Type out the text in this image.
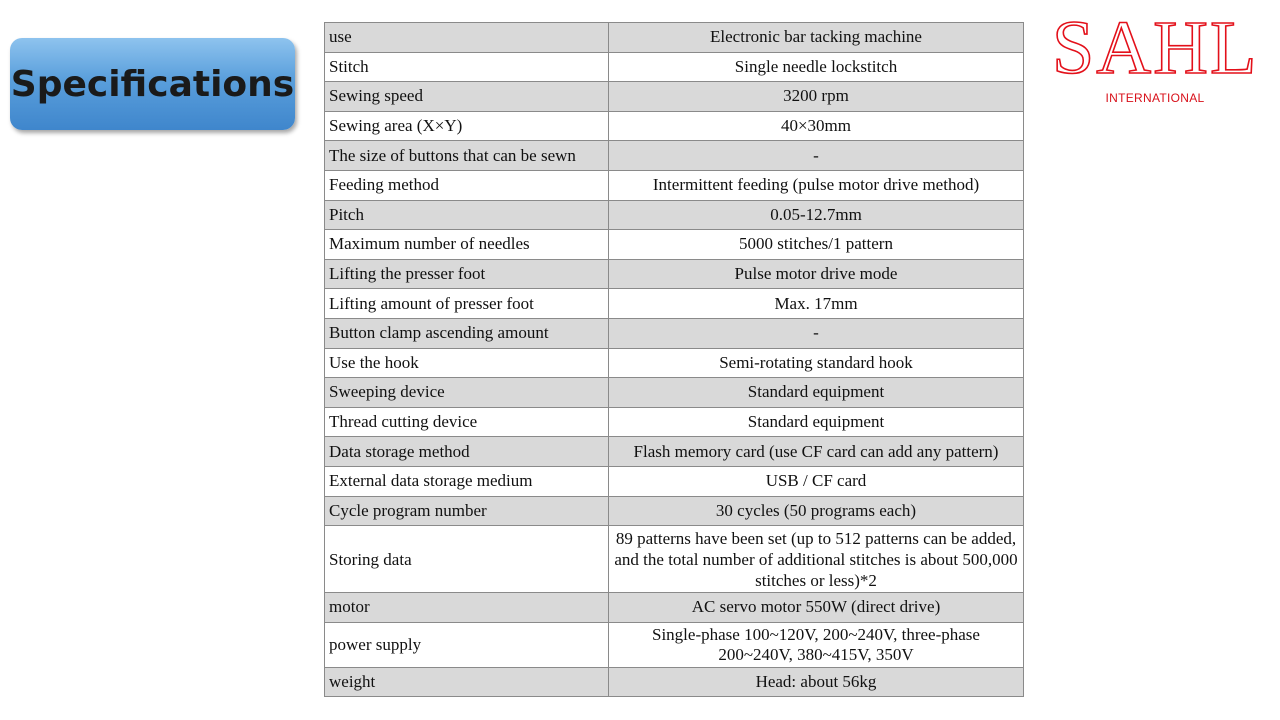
Specifications
use	Electronic bar tacking machine
Stitch	Single needle lockstitch
Sewing speed	3200 rpm
Sewing area (X×Y)	40×30mm
The size of buttons that can be sewn	-
Feeding method	Intermittent feeding (pulse motor drive method)
Pitch	0.05-12.7mm
Maximum number of needles	5000 stitches/1 pattern
Lifting the presser foot	Pulse motor drive mode
Lifting amount of presser foot	Max. 17mm
Button clamp ascending amount	-
Use the hook	Semi-rotating standard hook
Sweeping device	Standard equipment
Thread cutting device	Standard equipment
Data storage method	Flash memory card (use CF card can add any pattern)
External data storage medium	USB / CF card
Cycle program number	30 cycles (50 programs each)
Storing data	89 patterns have been set (up to 512 patterns can be added, and the total number of additional stitches is about 500,000 stitches or less)*2
motor	AC servo motor 550W (direct drive)
power supply	Single-phase 100~120V, 200~240V, three-phase 200~240V, 380~415V, 350V
weight	Head: about 56kg
SAHL
INTERNATIONAL
